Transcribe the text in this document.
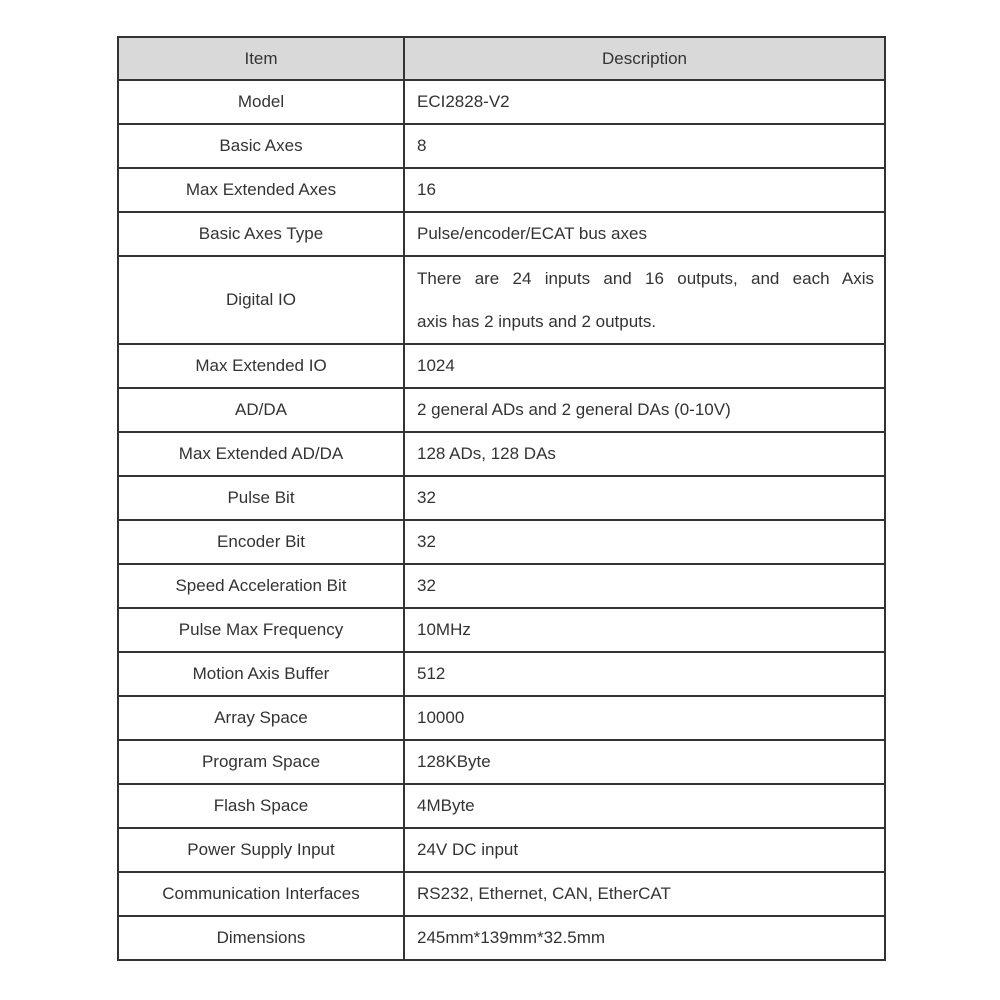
Item	Description
Model	ECI2828-V2
Basic Axes	8
Max Extended Axes	16
Basic Axes Type	Pulse/encoder/ECAT bus axes
Digital IO	There are 24 inputs and 16 outputs, and each Axis
axis has 2 inputs and 2 outputs.

Max Extended IO	1024
AD/DA	2 general ADs and 2 general DAs (0-10V)
Max Extended AD/DA	128 ADs, 128 DAs
Pulse Bit	32
Encoder Bit	32
Speed Acceleration Bit	32
Pulse Max Frequency	10MHz
Motion Axis Buffer	512
Array Space	10000
Program Space	128KByte
Flash Space	4MByte
Power Supply Input	24V DC input
Communication Interfaces	RS232, Ethernet, CAN, EtherCAT
Dimensions	245mm*139mm*32.5mm
